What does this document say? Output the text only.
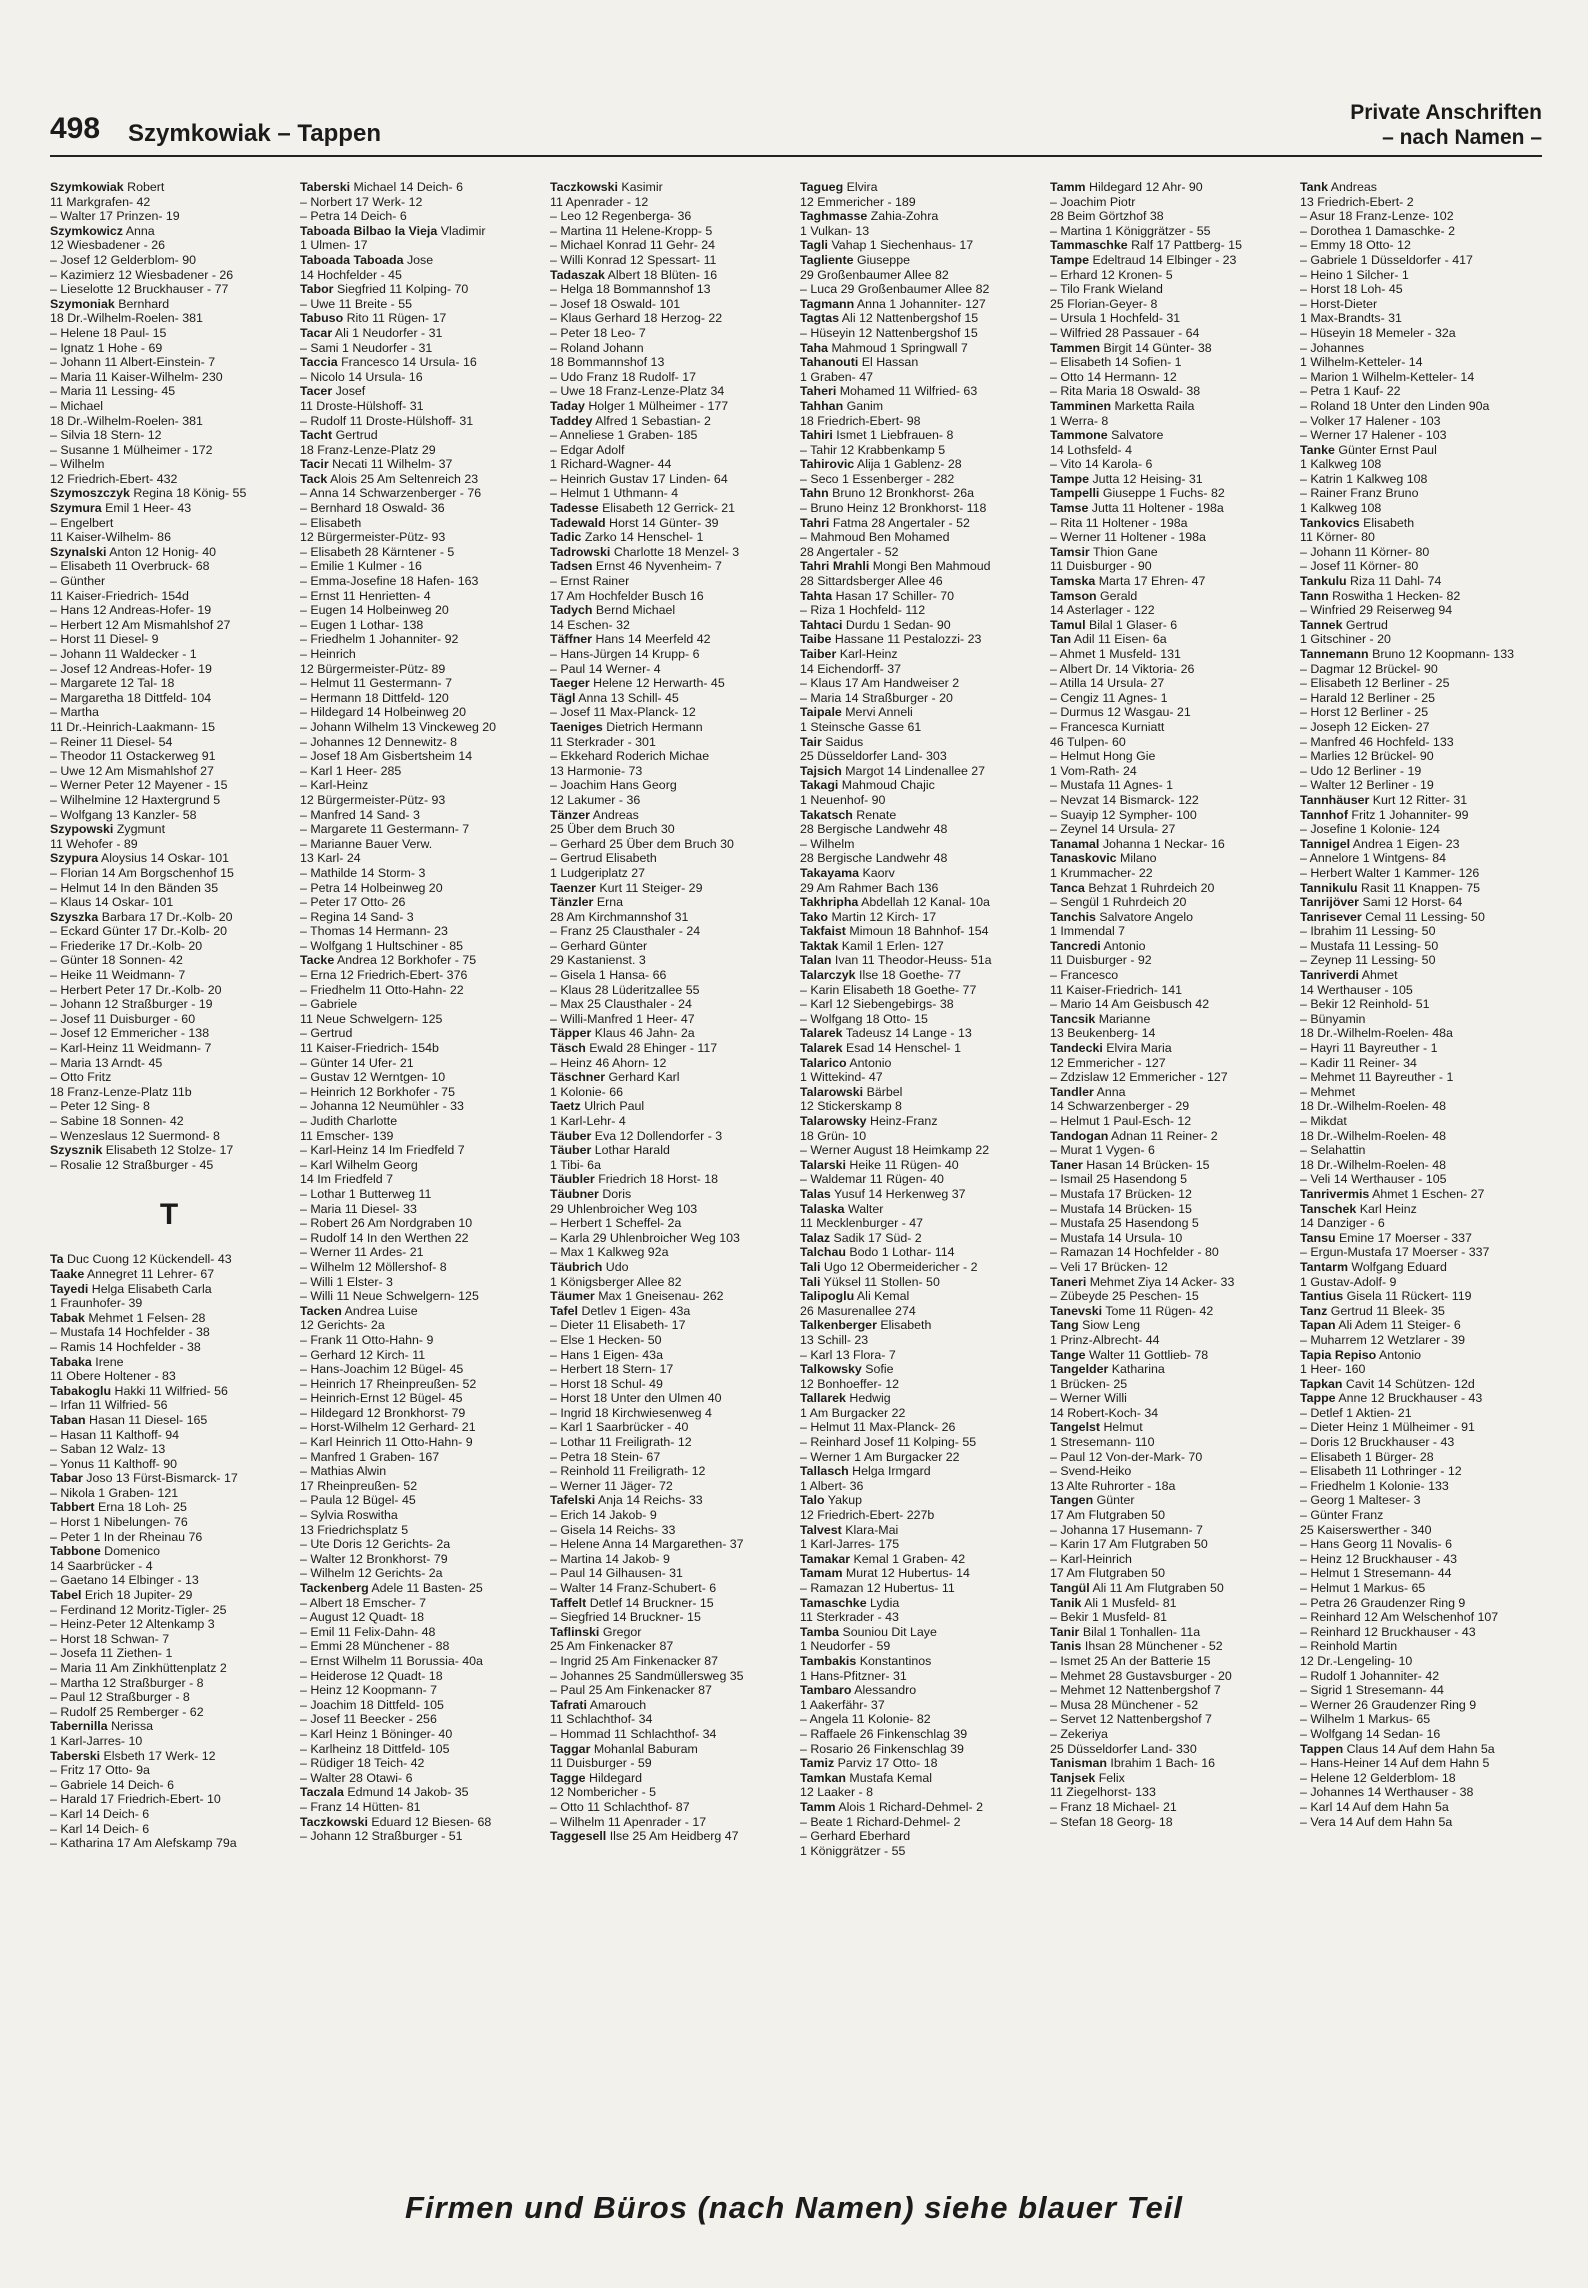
498 Szymkowiak – Tappen
Private Anschriften
– nach Namen –
Szymkowiak Robert
11 Markgrafen- 42
– Walter 17 Prinzen- 19
Szymkowicz Anna
12 Wiesbadener - 26
– Josef 12 Gelderblom- 90
– Kazimierz 12 Wiesbadener - 26
– Lieselotte 12 Bruckhauser - 77
Szymoniak Bernhard
18 Dr.-Wilhelm-Roelen- 381
– Helene 18 Paul- 15
– Ignatz 1 Hohe - 69
– Johann 11 Albert-Einstein- 7
– Maria 11 Kaiser-Wilhelm- 230
– Maria 11 Lessing- 45
– Michael
18 Dr.-Wilhelm-Roelen- 381
– Silvia 18 Stern- 12
– Susanne 1 Mülheimer - 172
– Wilhelm
12 Friedrich-Ebert- 432
Szymoszczyk Regina 18 König- 55
Szymura Emil 1 Heer- 43
– Engelbert
11 Kaiser-Wilhelm- 86
Szynalski Anton 12 Honig- 40
– Elisabeth 11 Overbruck- 68
– Günther
11 Kaiser-Friedrich- 154d
– Hans 12 Andreas-Hofer- 19
– Herbert 12 Am Mismahlshof 27
– Horst 11 Diesel- 9
– Johann 11 Waldecker - 1
– Josef 12 Andreas-Hofer- 19
– Margarete 12 Tal- 18
– Margaretha 18 Dittfeld- 104
– Martha
11 Dr.-Heinrich-Laakmann- 15
– Reiner 11 Diesel- 54
– Theodor 11 Ostackerweg 91
– Uwe 12 Am Mismahlshof 27
– Werner Peter 12 Mayener - 15
– Wilhelmine 12 Haxtergrund 5
– Wolfgang 13 Kanzler- 58
Szypowski Zygmunt
11 Wehofer - 89
Szypura Aloysius 14 Oskar- 101
– Florian 14 Am Borgschenhof 15
– Helmut 14 In den Bänden 35
– Klaus 14 Oskar- 101
Szyszka Barbara 17 Dr.-Kolb- 20
– Eckard Günter 17 Dr.-Kolb- 20
– Friederike 17 Dr.-Kolb- 20
– Günter 18 Sonnen- 42
– Heike 11 Weidmann- 7
– Herbert Peter 17 Dr.-Kolb- 20
– Johann 12 Straßburger - 19
– Josef 11 Duisburger - 60
– Josef 12 Emmericher - 138
– Karl-Heinz 11 Weidmann- 7
– Maria 13 Arndt- 45
– Otto Fritz
18 Franz-Lenze-Platz 11b
– Peter 12 Sing- 8
– Sabine 18 Sonnen- 42
– Wenzeslaus 12 Suermond- 8
Szysznik Elisabeth 12 Stolze- 17
– Rosalie 12 Straßburger - 45
T
Ta Duc Cuong 12 Kückendell- 43
Taake Annegret 11 Lehrer- 67
Tayedi Helga Elisabeth Carla
1 Fraunhofer- 39
Tabak Mehmet 1 Felsen- 28
– Mustafa 14 Hochfelder - 38
– Ramis 14 Hochfelder - 38
Tabaka Irene
11 Obere Holtener - 83
Tabakoglu Hakki 11 Wilfried- 56
– Irfan 11 Wilfried- 56
Taban Hasan 11 Diesel- 165
– Hasan 11 Kalthoff- 94
– Saban 12 Walz- 13
– Yonus 11 Kalthoff- 90
Tabar Joso 13 Fürst-Bismarck- 17
– Nikola 1 Graben- 121
Tabbert Erna 18 Loh- 25
– Horst 1 Nibelungen- 76
– Peter 1 In der Rheinau 76
Tabbone Domenico
14 Saarbrücker - 4
– Gaetano 14 Elbinger - 13
Tabel Erich 18 Jupiter- 29
– Ferdinand 12 Moritz-Tigler- 25
– Heinz-Peter 12 Altenkamp 3
– Horst 18 Schwan- 7
– Josefa 11 Ziethen- 1
– Maria 11 Am Zinkhüttenplatz 2
– Martha 12 Straßburger - 8
– Paul 12 Straßburger - 8
– Rudolf 25 Remberger - 62
Tabernilla Nerissa
1 Karl-Jarres- 10
Taberski Elsbeth 17 Werk- 12
– Fritz 17 Otto- 9a
– Gabriele 14 Deich- 6
– Harald 17 Friedrich-Ebert- 10
– Karl 14 Deich- 6
– Karl 14 Deich- 6
– Katharina 17 Am Alefskamp 79a
Taberski Michael 14 Deich- 6
– Norbert 17 Werk- 12
– Petra 14 Deich- 6
Taboada Bilbao la Vieja Vladimir
1 Ulmen- 17
Taboada Taboada Jose
14 Hochfelder - 45
Tabor Siegfried 11 Kolping- 70
– Uwe 11 Breite - 55
Tabuso Rito 11 Rügen- 17
Tacar Ali 1 Neudorfer - 31
– Sami 1 Neudorfer - 31
Taccia Francesco 14 Ursula- 16
– Nicolo 14 Ursula- 16
Tacer Josef
11 Droste-Hülshoff- 31
– Rudolf 11 Droste-Hülshoff- 31
Tacht Gertrud
18 Franz-Lenze-Platz 29
Tacir Necati 11 Wilhelm- 37
Tack Alois 25 Am Seltenreich 23
– Anna 14 Schwarzenberger - 76
– Bernhard 18 Oswald- 36
– Elisabeth
12 Bürgermeister-Pütz- 93
– Elisabeth 28 Kärntener - 5
– Emilie 1 Kulmer - 16
– Emma-Josefine 18 Hafen- 163
– Ernst 11 Henrietten- 4
– Eugen 14 Holbeinweg 20
– Eugen 1 Lothar- 138
– Friedhelm 1 Johanniter- 92
– Heinrich
12 Bürgermeister-Pütz- 89
– Helmut 11 Gestermann- 7
– Hermann 18 Dittfeld- 120
– Hildegard 14 Holbeinweg 20
– Johann Wilhelm 13 Vinckeweg 20
– Johannes 12 Dennewitz- 8
– Josef 18 Am Gisbertsheim 14
– Karl 1 Heer- 285
– Karl-Heinz
12 Bürgermeister-Pütz- 93
– Manfred 14 Sand- 3
– Margarete 11 Gestermann- 7
– Marianne Bauer Verw.
13 Karl- 24
– Mathilde 14 Storm- 3
– Petra 14 Holbeinweg 20
– Peter 17 Otto- 26
– Regina 14 Sand- 3
– Thomas 14 Hermann- 23
– Wolfgang 1 Hultschiner - 85
Tacke Andrea 12 Borkhofer - 75
– Erna 12 Friedrich-Ebert- 376
– Friedhelm 11 Otto-Hahn- 22
– Gabriele
11 Neue Schwelgern- 125
– Gertrud
11 Kaiser-Friedrich- 154b
– Günter 14 Ufer- 21
– Gustav 12 Werntgen- 10
– Heinrich 12 Borkhofer - 75
– Johanna 12 Neumühler - 33
– Judith Charlotte
11 Emscher- 139
– Karl-Heinz 14 Im Friedfeld 7
– Karl Wilhelm Georg
14 Im Friedfeld 7
– Lothar 1 Butterweg 11
– Maria 11 Diesel- 33
– Robert 26 Am Nordgraben 10
– Rudolf 14 In den Werthen 22
– Werner 11 Ardes- 21
– Wilhelm 12 Möllershof- 8
– Willi 1 Elster- 3
– Willi 11 Neue Schwelgern- 125
Tacken Andrea Luise
12 Gerichts- 2a
– Frank 11 Otto-Hahn- 9
– Gerhard 12 Kirch- 11
– Hans-Joachim 12 Bügel- 45
– Heinrich 17 Rheinpreußen- 52
– Heinrich-Ernst 12 Bügel- 45
– Hildegard 12 Bronkhorst- 79
– Horst-Wilhelm 12 Gerhard- 21
– Karl Heinrich 11 Otto-Hahn- 9
– Manfred 1 Graben- 167
– Mathias Alwin
17 Rheinpreußen- 52
– Paula 12 Bügel- 45
– Sylvia Roswitha
13 Friedrichsplatz 5
– Ute Doris 12 Gerichts- 2a
– Walter 12 Bronkhorst- 79
– Wilhelm 12 Gerichts- 2a
Tackenberg Adele 11 Basten- 25
– Albert 18 Emscher- 7
– August 12 Quadt- 18
– Emil 11 Felix-Dahn- 48
– Emmi 28 Münchener - 88
– Ernst Wilhelm 11 Borussia- 40a
– Heiderose 12 Quadt- 18
– Heinz 12 Koopmann- 7
– Joachim 18 Dittfeld- 105
– Josef 11 Beecker - 256
– Karl Heinz 1 Böninger- 40
– Karlheinz 18 Dittfeld- 105
– Rüdiger 18 Teich- 42
– Walter 28 Otawi- 6
Taczala Edmund 14 Jakob- 35
– Franz 14 Hütten- 81
Taczkowski Eduard 12 Biesen- 68
– Johann 12 Straßburger - 51
Taczkowski Kasimir
11 Apenrader - 12
– Leo 12 Regenberga- 36
– Martina 11 Helene-Kropp- 5
– Michael Konrad 11 Gehr- 24
– Willi Konrad 12 Spessart- 11
Tadaszak Albert 18 Blüten- 16
– Helga 18 Bommannshof 13
– Josef 18 Oswald- 101
– Klaus Gerhard 18 Herzog- 22
– Peter 18 Leo- 7
– Roland Johann
18 Bommannshof 13
– Udo Franz 18 Rudolf- 17
– Uwe 18 Franz-Lenze-Platz 34
Taday Holger 1 Mülheimer - 177
Taddey Alfred 1 Sebastian- 2
– Anneliese 1 Graben- 185
– Edgar Adolf
1 Richard-Wagner- 44
– Heinrich Gustav 17 Linden- 64
– Helmut 1 Uthmann- 4
Tadesse Elisabeth 12 Gerrick- 21
Tadewald Horst 14 Günter- 39
Tadic Zarko 14 Henschel- 1
Tadrowski Charlotte 18 Menzel- 3
Tadsen Ernst 46 Nyvenheim- 7
– Ernst Rainer
17 Am Hochfelder Busch 16
Tadych Bernd Michael
14 Eschen- 32
Täffner Hans 14 Meerfeld 42
– Hans-Jürgen 14 Krupp- 6
– Paul 14 Werner- 4
Taeger Helene 12 Herwarth- 45
Tägl Anna 13 Schill- 45
– Josef 11 Max-Planck- 12
Taeniges Dietrich Hermann
11 Sterkrader - 301
– Ekkehard Roderich Michae
13 Harmonie- 73
– Joachim Hans Georg
12 Lakumer - 36
Tänzer Andreas
25 Über dem Bruch 30
– Gerhard 25 Über dem Bruch 30
– Gertrud Elisabeth
1 Ludgeriplatz 27
Taenzer Kurt 11 Steiger- 29
Tänzler Erna
28 Am Kirchmannshof 31
– Franz 25 Clausthaler - 24
– Gerhard Günter
29 Kastanienst. 3
– Gisela 1 Hansa- 66
– Klaus 28 Lüderitzallee 55
– Max 25 Clausthaler - 24
– Willi-Manfred 1 Heer- 47
Täpper Klaus 46 Jahn- 2a
Täsch Ewald 28 Ehinger - 117
– Heinz 46 Ahorn- 12
Täschner Gerhard Karl
1 Kolonie- 66
Taetz Ulrich Paul
1 Karl-Lehr- 4
Täuber Eva 12 Dollendorfer - 3
Täuber Lothar Harald
1 Tibi- 6a
Täubler Friedrich 18 Horst- 18
Täubner Doris
29 Uhlenbroicher Weg 103
– Herbert 1 Scheffel- 2a
– Karla 29 Uhlenbroicher Weg 103
– Max 1 Kalkweg 92a
Täubrich Udo
1 Königsberger Allee 82
Täumer Max 1 Gneisenau- 262
Tafel Detlev 1 Eigen- 43a
– Dieter 11 Elisabeth- 17
– Else 1 Hecken- 50
– Hans 1 Eigen- 43a
– Herbert 18 Stern- 17
– Horst 18 Schul- 49
– Horst 18 Unter den Ulmen 40
– Ingrid 18 Kirchwiesenweg 4
– Karl 1 Saarbrücker - 40
– Lothar 11 Freiligrath- 12
– Petra 18 Stein- 67
– Reinhold 11 Freiligrath- 12
– Werner 11 Jäger- 72
Tafelski Anja 14 Reichs- 33
– Erich 14 Jakob- 9
– Gisela 14 Reichs- 33
– Helene Anna 14 Margarethen- 37
– Martina 14 Jakob- 9
– Paul 14 Gilhausen- 31
– Walter 14 Franz-Schubert- 6
Taffelt Detlef 14 Bruckner- 15
– Siegfried 14 Bruckner- 15
Taflinski Gregor
25 Am Finkenacker 87
– Ingrid 25 Am Finkenacker 87
– Johannes 25 Sandmüllersweg 35
– Paul 25 Am Finkenacker 87
Tafrati Amarouch
11 Schlachthof- 34
– Hommad 11 Schlachthof- 34
Taggar Mohanlal Baburam
11 Duisburger - 59
Tagge Hildegard
12 Nombericher - 5
– Otto 11 Schlachthof- 87
– Wilhelm 11 Apenrader - 17
Taggesell Ilse 25 Am Heidberg 47
Tagueg Elvira
12 Emmericher - 189
Taghmasse Zahia-Zohra
1 Vulkan- 13
Tagli Vahap 1 Siechenhaus- 17
Tagliente Giuseppe
29 Großenbaumer Allee 82
– Luca 29 Großenbaumer Allee 82
Tagmann Anna 1 Johanniter- 127
Tagtas Ali 12 Nattenbergshof 15
– Hüseyin 12 Nattenbergshof 15
Taha Mahmoud 1 Springwall 7
Tahanouti El Hassan
1 Graben- 47
Taheri Mohamed 11 Wilfried- 63
Tahhan Ganim
18 Friedrich-Ebert- 98
Tahiri Ismet 1 Liebfrauen- 8
– Tahir 12 Krabbenkamp 5
Tahirovic Alija 1 Gablenz- 28
– Seco 1 Essenberger - 282
Tahn Bruno 12 Bronkhorst- 26a
– Bruno Heinz 12 Bronkhorst- 118
Tahri Fatma 28 Angertaler - 52
– Mahmoud Ben Mohamed
28 Angertaler - 52
Tahri Mrahli Mongi Ben Mahmoud
28 Sittardsberger Allee 46
Tahta Hasan 17 Schiller- 70
– Riza 1 Hochfeld- 112
Tahtaci Durdu 1 Sedan- 90
Taibe Hassane 11 Pestalozzi- 23
Taiber Karl-Heinz
14 Eichendorff- 37
– Klaus 17 Am Handweiser 2
– Maria 14 Straßburger - 20
Taipale Mervi Anneli
1 Steinsche Gasse 61
Tair Saidus
25 Düsseldorfer Land- 303
Tajsich Margot 14 Lindenallee 27
Takagi Mahmoud Chajic
1 Neuenhof- 90
Takatsch Renate
28 Bergische Landwehr 48
– Wilhelm
28 Bergische Landwehr 48
Takayama Kaorv
29 Am Rahmer Bach 136
Takhripha Abdellah 12 Kanal- 10a
Tako Martin 12 Kirch- 17
Takfaist Mimoun 18 Bahnhof- 154
Taktak Kamil 1 Erlen- 127
Talan Ivan 11 Theodor-Heuss- 51a
Talarczyk Ilse 18 Goethe- 77
– Karin Elisabeth 18 Goethe- 77
– Karl 12 Siebengebirgs- 38
– Wolfgang 18 Otto- 15
Talarek Tadeusz 14 Lange - 13
Talarek Esad 14 Henschel- 1
Talarico Antonio
1 Wittekind- 47
Talarowski Bärbel
12 Stickerskamp 8
Talarowsky Heinz-Franz
18 Grün- 10
– Werner August 18 Heimkamp 22
Talarski Heike 11 Rügen- 40
– Waldemar 11 Rügen- 40
Talas Yusuf 14 Herkenweg 37
Talaska Walter
11 Mecklenburger - 47
Talaz Sadik 17 Süd- 2
Talchau Bodo 1 Lothar- 114
Tali Ugo 12 Obermeidericher - 2
Tali Yüksel 11 Stollen- 50
Talipoglu Ali Kemal
26 Masurenallee 274
Talkenberger Elisabeth
13 Schill- 23
– Karl 13 Flora- 7
Talkowsky Sofie
12 Bonhoeffer- 12
Tallarek Hedwig
1 Am Burgacker 22
– Helmut 11 Max-Planck- 26
– Reinhard Josef 11 Kolping- 55
– Werner 1 Am Burgacker 22
Tallasch Helga Irmgard
1 Albert- 36
Talo Yakup
12 Friedrich-Ebert- 227b
Talvest Klara-Mai
1 Karl-Jarres- 175
Tamakar Kemal 1 Graben- 42
Tamam Murat 12 Hubertus- 14
– Ramazan 12 Hubertus- 11
Tamaschke Lydia
11 Sterkrader - 43
Tamba Souniou Dit Laye
1 Neudorfer - 59
Tambakis Konstantinos
1 Hans-Pfitzner- 31
Tambaro Alessandro
1 Aakerfähr- 37
– Angela 11 Kolonie- 82
– Raffaele 26 Finkenschlag 39
– Rosario 26 Finkenschlag 39
Tamiz Parviz 17 Otto- 18
Tamkan Mustafa Kemal
12 Laaker - 8
Tamm Alois 1 Richard-Dehmel- 2
– Beate 1 Richard-Dehmel- 2
– Gerhard Eberhard
1 Königgrätzer - 55
Tamm Hildegard 12 Ahr- 90
– Joachim Piotr
28 Beim Görtzhof 38
– Martina 1 Königgrätzer - 55
Tammaschke Ralf 17 Pattberg- 15
Tampe Edeltraud 14 Elbinger - 23
– Erhard 12 Kronen- 5
– Tilo Frank Wieland
25 Florian-Geyer- 8
– Ursula 1 Hochfeld- 31
– Wilfried 28 Passauer - 64
Tammen Birgit 14 Günter- 38
– Elisabeth 14 Sofien- 1
– Otto 14 Hermann- 12
– Rita Maria 18 Oswald- 38
Tamminen Marketta Raila
1 Werra- 8
Tammone Salvatore
14 Lothsfeld- 4
– Vito 14 Karola- 6
Tampe Jutta 12 Heising- 31
Tampelli Giuseppe 1 Fuchs- 82
Tamse Jutta 11 Holtener - 198a
– Rita 11 Holtener - 198a
– Werner 11 Holtener - 198a
Tamsir Thion Gane
11 Duisburger - 90
Tamska Marta 17 Ehren- 47
Tamson Gerald
14 Asterlager - 122
Tamul Bilal 1 Glaser- 6
Tan Adil 11 Eisen- 6a
– Ahmet 1 Musfeld- 131
– Albert Dr. 14 Viktoria- 26
– Atilla 14 Ursula- 27
– Cengiz 11 Agnes- 1
– Durmus 12 Wasgau- 21
– Francesca Kurniatt
46 Tulpen- 60
– Helmut Hong Gie
1 Vom-Rath- 24
– Mustafa 11 Agnes- 1
– Nevzat 14 Bismarck- 122
– Suayip 12 Sympher- 100
– Zeynel 14 Ursula- 27
Tanamal Johanna 1 Neckar- 16
Tanaskovic Milano
1 Krummacher- 22
Tanca Behzat 1 Ruhrdeich 20
– Sengül 1 Ruhrdeich 20
Tanchis Salvatore Angelo
1 Immendal 7
Tancredi Antonio
11 Duisburger - 92
– Francesco
11 Kaiser-Friedrich- 141
– Mario 14 Am Geisbusch 42
Tancsik Marianne
13 Beukenberg- 14
Tandecki Elvira Maria
12 Emmericher - 127
– Zdzislaw 12 Emmericher - 127
Tandler Anna
14 Schwarzenberger - 29
– Helmut 1 Paul-Esch- 12
Tandogan Adnan 11 Reiner- 2
– Murat 1 Vygen- 6
Taner Hasan 14 Brücken- 15
– Ismail 25 Hasendong 5
– Mustafa 17 Brücken- 12
– Mustafa 14 Brücken- 15
– Mustafa 25 Hasendong 5
– Mustafa 14 Ursula- 10
– Ramazan 14 Hochfelder - 80
– Veli 17 Brücken- 12
Taneri Mehmet Ziya 14 Acker- 33
– Zübeyde 25 Peschen- 15
Tanevski Tome 11 Rügen- 42
Tang Siow Leng
1 Prinz-Albrecht- 44
Tange Walter 11 Gottlieb- 78
Tangelder Katharina
1 Brücken- 25
– Werner Willi
14 Robert-Koch- 34
Tangelst Helmut
1 Stresemann- 110
– Paul 12 Von-der-Mark- 70
– Svend-Heiko
13 Alte Ruhrorter - 18a
Tangen Günter
17 Am Flutgraben 50
– Johanna 17 Husemann- 7
– Karin 17 Am Flutgraben 50
– Karl-Heinrich
17 Am Flutgraben 50
Tangül Ali 11 Am Flutgraben 50
Tanik Ali 1 Musfeld- 81
– Bekir 1 Musfeld- 81
Tanir Bilal 1 Tonhallen- 11a
Tanis Ihsan 28 Münchener - 52
– Ismet 25 An der Batterie 15
– Mehmet 28 Gustavsburger - 20
– Mehmet 12 Nattenbergshof 7
– Musa 28 Münchener - 52
– Servet 12 Nattenbergshof 7
– Zekeriya
25 Düsseldorfer Land- 330
Tanisman Ibrahim 1 Bach- 16
Tanjsek Felix
11 Ziegelhorst- 133
– Franz 18 Michael- 21
– Stefan 18 Georg- 18
Tank Andreas
13 Friedrich-Ebert- 2
– Asur 18 Franz-Lenze- 102
– Dorothea 1 Damaschke- 2
– Emmy 18 Otto- 12
– Gabriele 1 Düsseldorfer - 417
– Heino 1 Silcher- 1
– Horst 18 Loh- 45
– Horst-Dieter
1 Max-Brandts- 31
– Hüseyin 18 Memeler - 32a
– Johannes
1 Wilhelm-Ketteler- 14
– Marion 1 Wilhelm-Ketteler- 14
– Petra 1 Kauf- 22
– Roland 18 Unter den Linden 90a
– Volker 17 Halener - 103
– Werner 17 Halener - 103
Tanke Günter Ernst Paul
1 Kalkweg 108
– Katrin 1 Kalkweg 108
– Rainer Franz Bruno
1 Kalkweg 108
Tankovics Elisabeth
11 Körner- 80
– Johann 11 Körner- 80
– Josef 11 Körner- 80
Tankulu Riza 11 Dahl- 74
Tann Roswitha 1 Hecken- 82
– Winfried 29 Reiserweg 94
Tannek Gertrud
1 Gitschiner - 20
Tannemann Bruno 12 Koopmann- 133
– Dagmar 12 Brückel- 90
– Elisabeth 12 Berliner - 25
– Harald 12 Berliner - 25
– Horst 12 Berliner - 25
– Joseph 12 Eicken- 27
– Manfred 46 Hochfeld- 133
– Marlies 12 Brückel- 90
– Udo 12 Berliner - 19
– Walter 12 Berliner - 19
Tannhäuser Kurt 12 Ritter- 31
Tannhof Fritz 1 Johanniter- 99
– Josefine 1 Kolonie- 124
Tannigel Andrea 1 Eigen- 23
– Annelore 1 Wintgens- 84
– Herbert Walter 1 Kammer- 126
Tannikulu Rasit 11 Knappen- 75
Tanrijöver Sami 12 Horst- 64
Tanrisever Cemal 11 Lessing- 50
– Ibrahim 11 Lessing- 50
– Mustafa 11 Lessing- 50
– Zeynep 11 Lessing- 50
Tanriverdi Ahmet
14 Werthauser - 105
– Bekir 12 Reinhold- 51
– Bünyamin
18 Dr.-Wilhelm-Roelen- 48a
– Hayri 11 Bayreuther - 1
– Kadir 11 Reiner- 34
– Mehmet 11 Bayreuther - 1
– Mehmet
18 Dr.-Wilhelm-Roelen- 48
– Mikdat
18 Dr.-Wilhelm-Roelen- 48
– Selahattin
18 Dr.-Wilhelm-Roelen- 48
– Veli 14 Werthauser - 105
Tanrivermis Ahmet 1 Eschen- 27
Tanschek Karl Heinz
14 Danziger - 6
Tansu Emine 17 Moerser - 337
– Ergun-Mustafa 17 Moerser - 337
Tantarm Wolfgang Eduard
1 Gustav-Adolf- 9
Tantius Gisela 11 Rückert- 119
Tanz Gertrud 11 Bleek- 35
Tapan Ali Adem 11 Steiger- 6
– Muharrem 12 Wetzlarer - 39
Tapia Repiso Antonio
1 Heer- 160
Tapkan Cavit 14 Schützen- 12d
Tappe Anne 12 Bruckhauser - 43
– Detlef 1 Aktien- 21
– Dieter Heinz 1 Mülheimer - 91
– Doris 12 Bruckhauser - 43
– Elisabeth 1 Bürger- 28
– Elisabeth 11 Lothringer - 12
– Friedhelm 1 Kolonie- 133
– Georg 1 Malteser- 3
– Günter Franz
25 Kaiserswerther - 340
– Hans Georg 11 Novalis- 6
– Heinz 12 Bruckhauser - 43
– Helmut 1 Stresemann- 44
– Helmut 1 Markus- 65
– Petra 26 Graudenzer Ring 9
– Reinhard 12 Am Welschenhof 107
– Reinhard 12 Bruckhauser - 43
– Reinhold Martin
12 Dr.-Lengeling- 10
– Rudolf 1 Johanniter- 42
– Sigrid 1 Stresemann- 44
– Werner 26 Graudenzer Ring 9
– Wilhelm 1 Markus- 65
– Wolfgang 14 Sedan- 16
Tappen Claus 14 Auf dem Hahn 5a
– Hans-Heiner 14 Auf dem Hahn 5
– Helene 12 Gelderblom- 18
– Johannes 14 Werthauser - 38
– Karl 14 Auf dem Hahn 5a
– Vera 14 Auf dem Hahn 5a
Firmen und Büros (nach Namen) siehe blauer Teil
